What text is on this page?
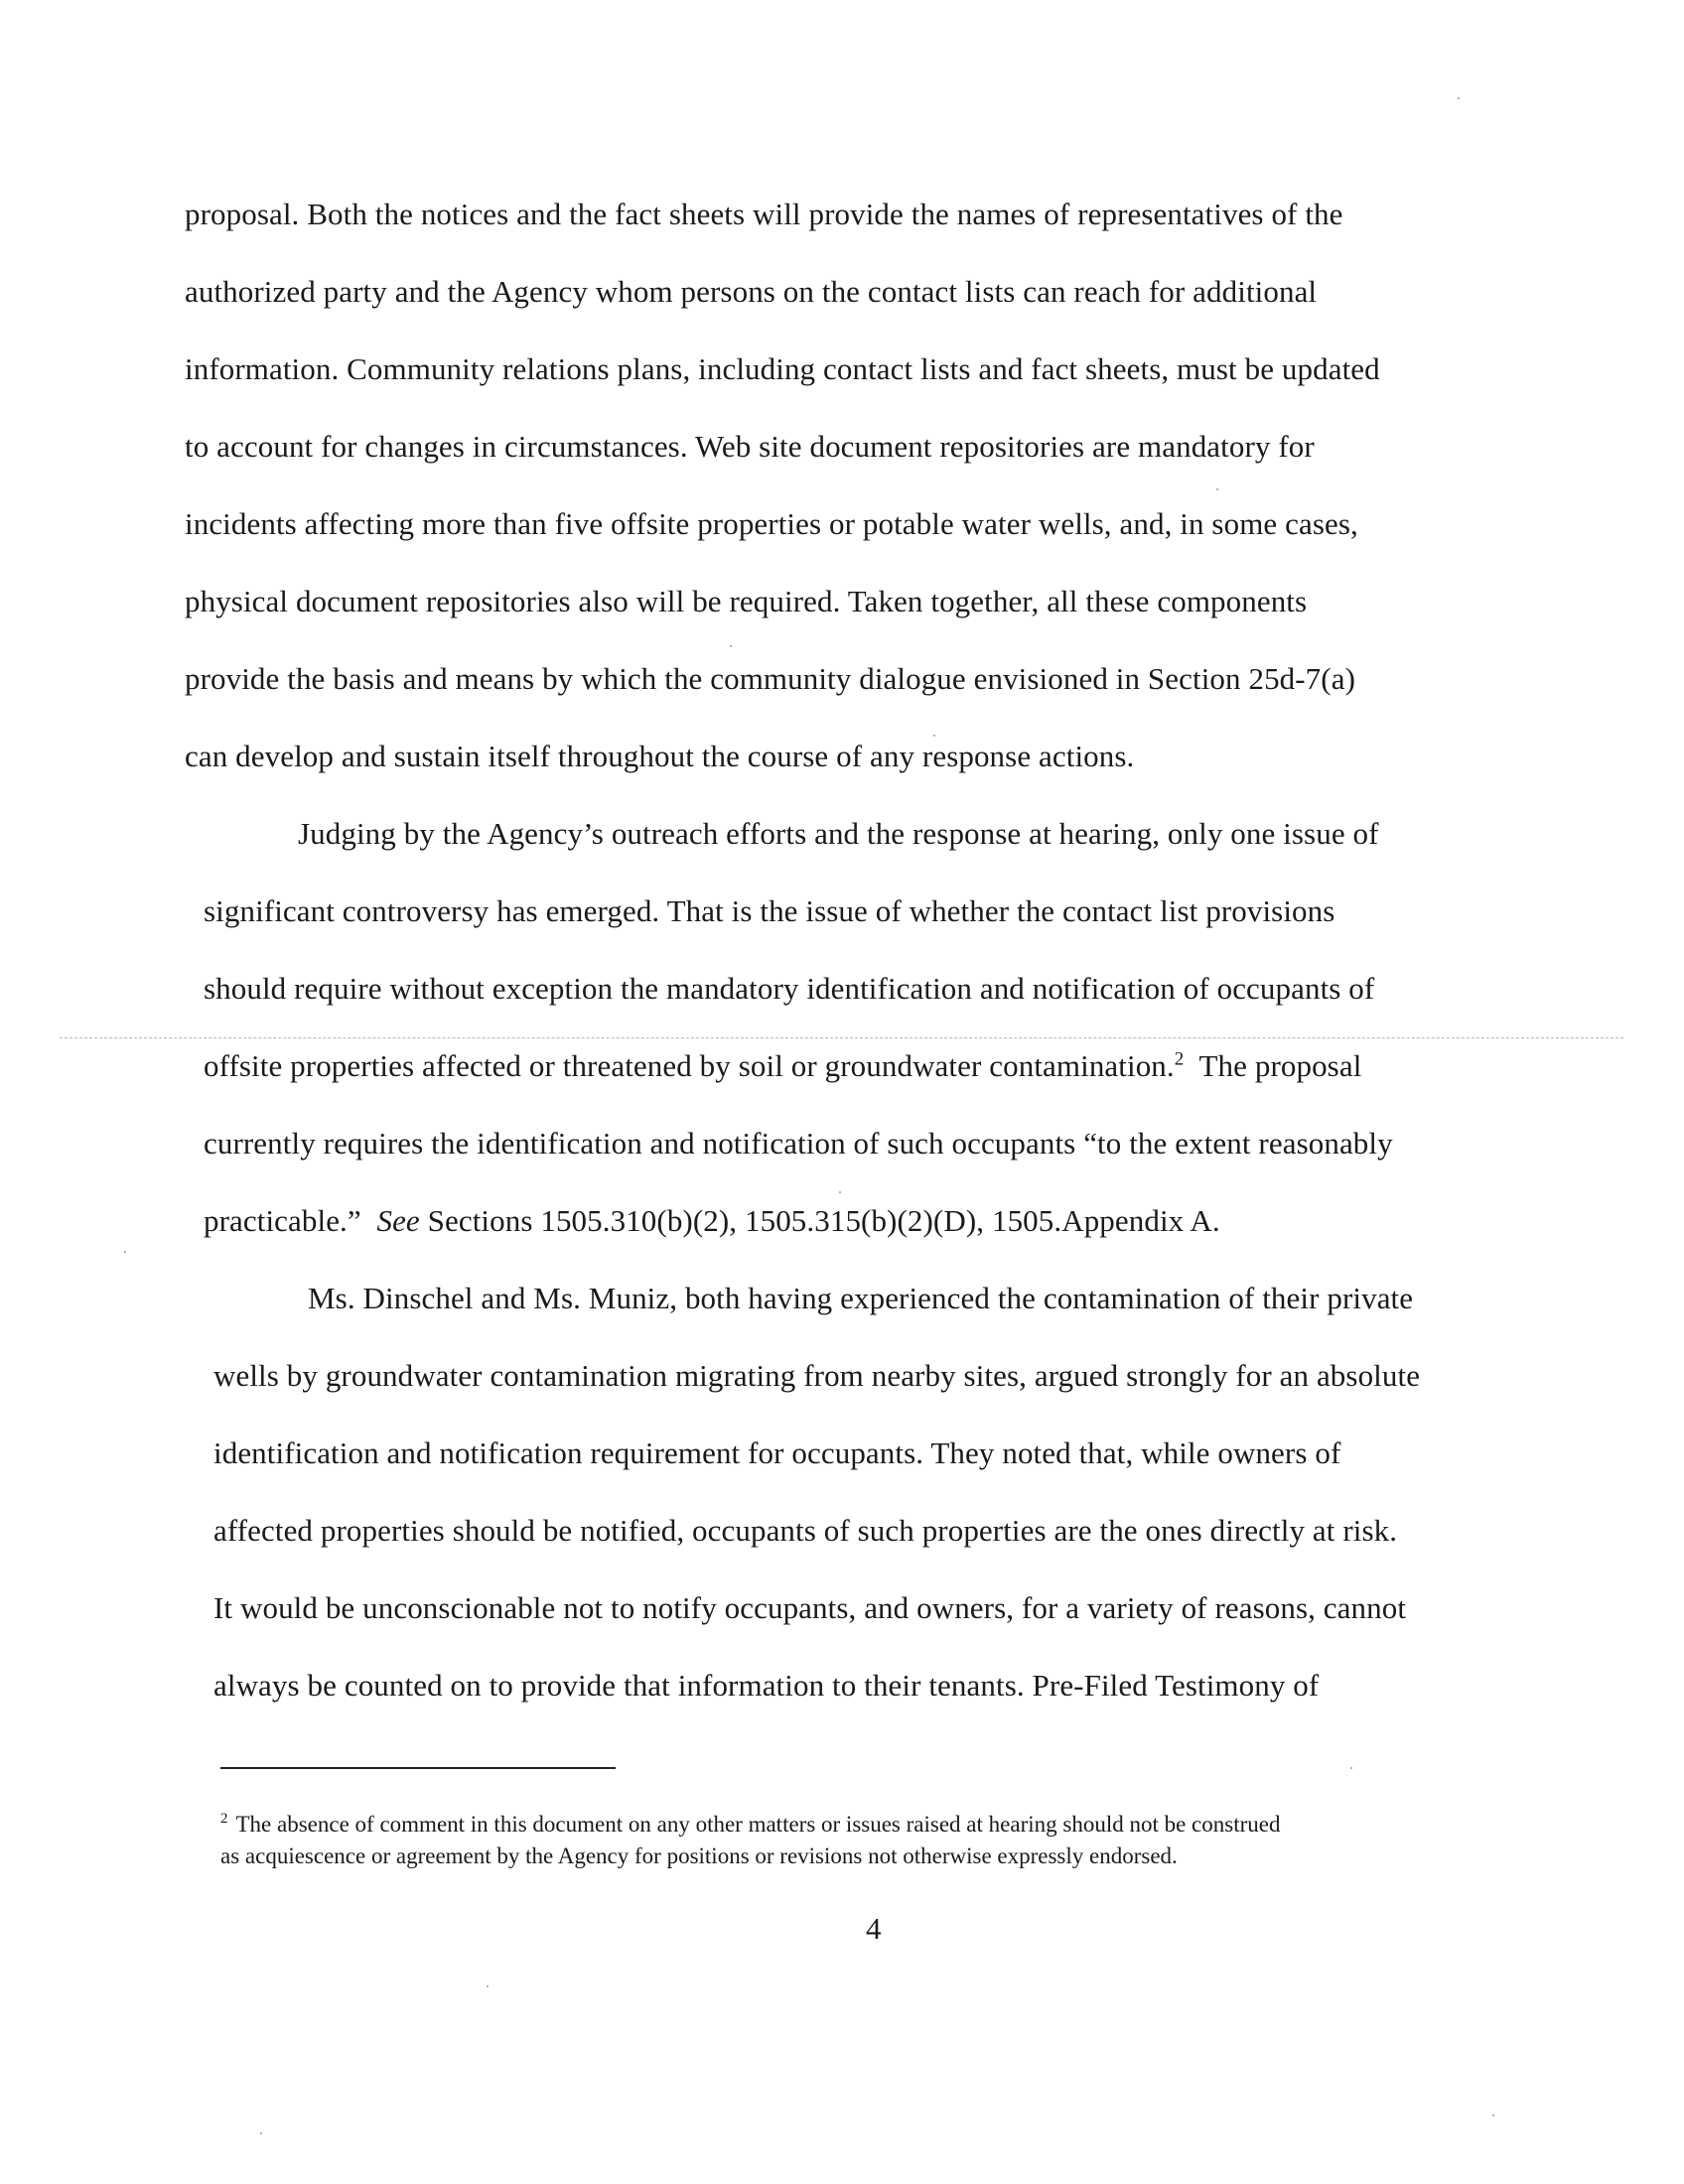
proposal. Both the notices and the fact sheets will provide the names of representatives of the
authorized party and the Agency whom persons on the contact lists can reach for additional
information. Community relations plans, including contact lists and fact sheets, must be updated
to account for changes in circumstances. Web site document repositories are mandatory for
incidents affecting more than five offsite properties or potable water wells, and, in some cases,
physical document repositories also will be required. Taken together, all these components
provide the basis and means by which the community dialogue envisioned in Section 25d-7(a)
can develop and sustain itself throughout the course of any response actions.
Judging by the Agency’s outreach efforts and the response at hearing, only one issue of
significant controversy has emerged. That is the issue of whether the contact list provisions
should require without exception the mandatory identification and notification of occupants of
offsite properties affected or threatened by soil or groundwater contamination.$^2$  The proposal
currently requires the identification and notification of such occupants “to the extent reasonably
practicable.”  See Sections 1505.310(b)(2), 1505.315(b)(2)(D), 1505.Appendix A.
Ms. Dinschel and Ms. Muniz, both having experienced the contamination of their private
wells by groundwater contamination migrating from nearby sites, argued strongly for an absolute
identification and notification requirement for occupants. They noted that, while owners of
affected properties should be notified, occupants of such properties are the ones directly at risk.
It would be unconscionable not to notify occupants, and owners, for a variety of reasons, cannot
always be counted on to provide that information to their tenants. Pre-Filed Testimony of
$^2$ The absence of comment in this document on any other matters or issues raised at hearing should not be construed
as acquiescence or agreement by the Agency for positions or revisions not otherwise expressly endorsed.
4
